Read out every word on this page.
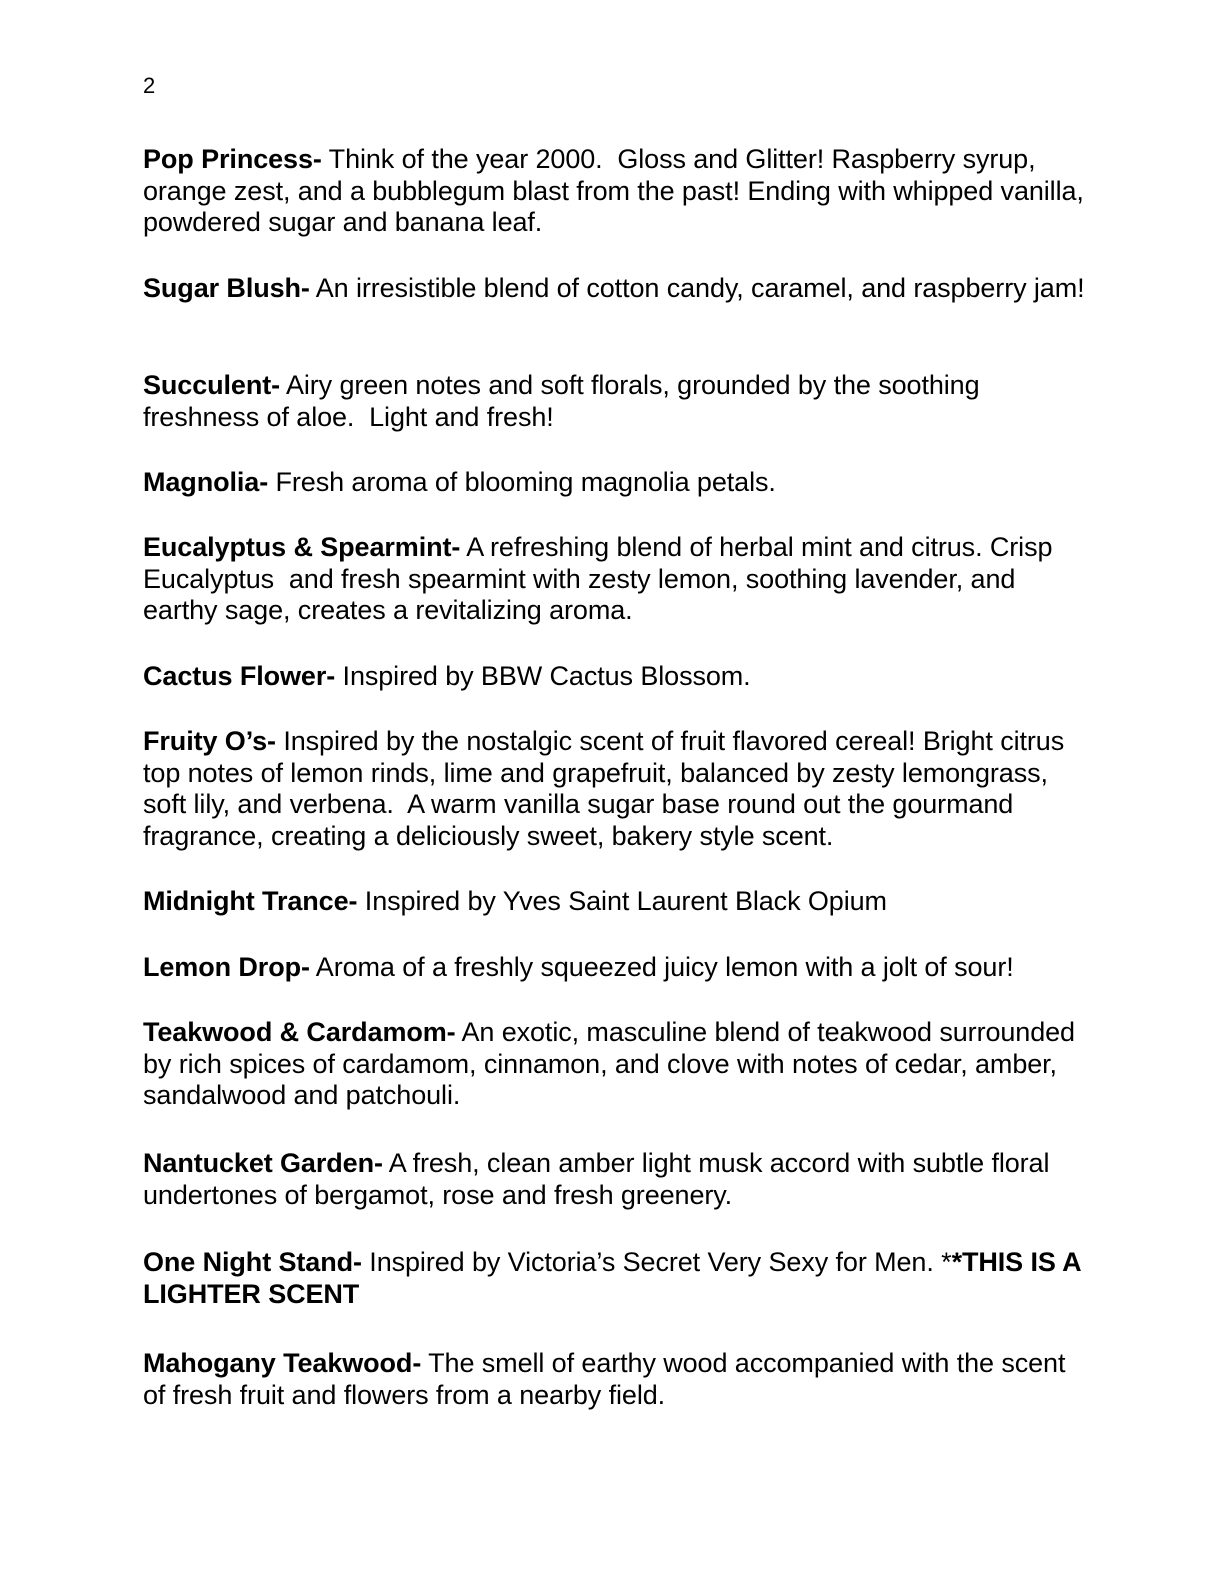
2

Pop Princess- Think of the year 2000.  Gloss and Glitter! Raspberry syrup, orange zest, and a bubblegum blast from the past! Ending with whipped vanilla, powdered sugar and banana leaf.

Sugar Blush- An irresistible blend of cotton candy, caramel, and raspberry jam!

Succulent- Airy green notes and soft florals, grounded by the soothing freshness of aloe.  Light and fresh!

Magnolia- Fresh aroma of blooming magnolia petals.

Eucalyptus & Spearmint- A refreshing blend of herbal mint and citrus. Crisp Eucalyptus  and fresh spearmint with zesty lemon, soothing lavender, and earthy sage, creates a revitalizing aroma.

Cactus Flower- Inspired by BBW Cactus Blossom.

Fruity O’s- Inspired by the nostalgic scent of fruit flavored cereal! Bright citrus top notes of lemon rinds, lime and grapefruit, balanced by zesty lemongrass, soft lily, and verbena.  A warm vanilla sugar base round out the gourmand fragrance, creating a deliciously sweet, bakery style scent.

Midnight Trance- Inspired by Yves Saint Laurent Black Opium

Lemon Drop- Aroma of a freshly squeezed juicy lemon with a jolt of sour!

Teakwood & Cardamom- An exotic, masculine blend of teakwood surrounded by rich spices of cardamom, cinnamon, and clove with notes of cedar, amber, sandalwood and patchouli.

Nantucket Garden- A fresh, clean amber light musk accord with subtle floral undertones of bergamot, rose and fresh greenery.

One Night Stand- Inspired by Victoria’s Secret Very Sexy for Men. **THIS IS A LIGHTER SCENT

Mahogany Teakwood- The smell of earthy wood accompanied with the scent of fresh fruit and flowers from a nearby field.
